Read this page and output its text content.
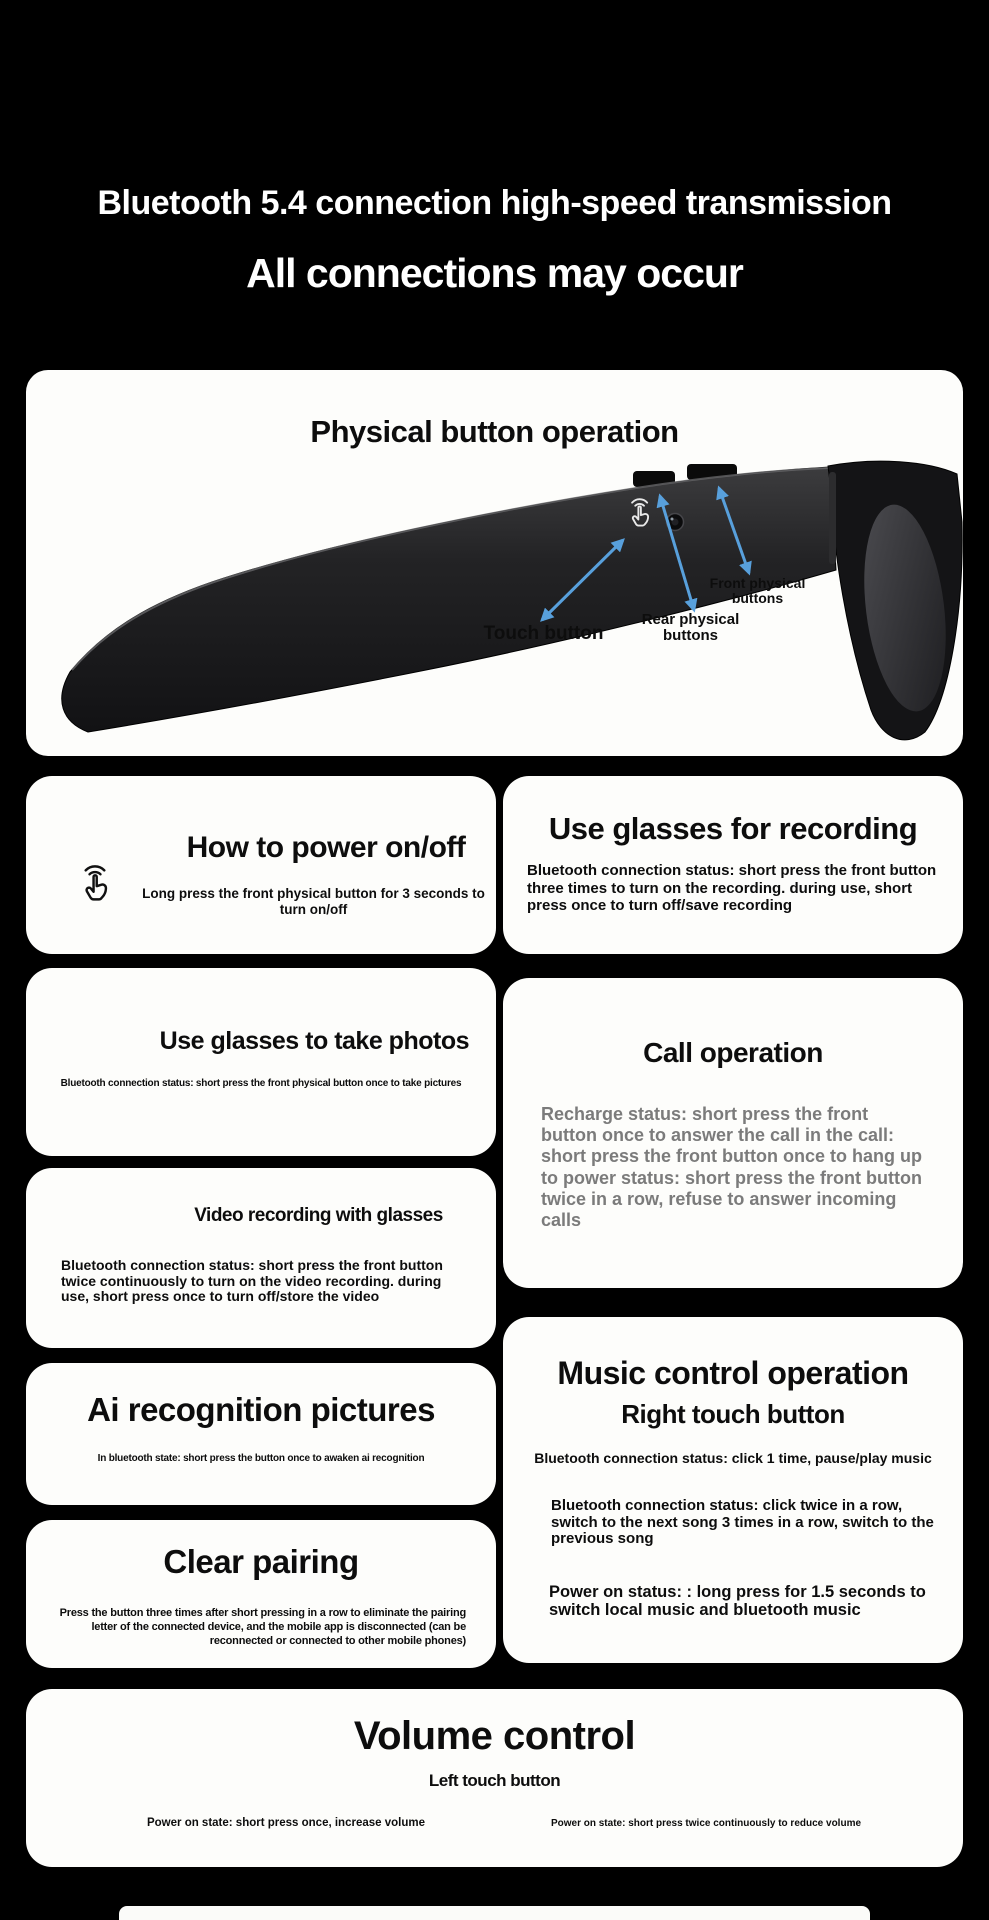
Bluetooth 5.4 connection high-speed transmission
All connections may occur
Physical button operation
Touch button
Rear physical buttons
Front physical buttons
How to power on/off
Long press the front physical button for 3 seconds to turn on/off
Use glasses for recording
Bluetooth connection status: short press the front button three times to turn on the recording. during use, short press once to turn off/save recording
Use glasses to take photos
Bluetooth connection status: short press the front physical button once to take pictures
Call operation
Recharge status: short press the front button once to answer the call in the call: short press the front button once to hang up to power status: short press the front button twice in a row, refuse to answer incoming calls
Video recording with glasses
Bluetooth connection status: short press the front button twice continuously to turn on the video recording. during use, short press once to turn off/store the video
Music control operation
Right touch button
Bluetooth connection status: click 1 time, pause/play music
Bluetooth connection status: click twice in a row, switch to the next song 3 times in a row, switch to the previous song
Power on status: : long press for 1.5 seconds to switch local music and bluetooth music
Ai recognition pictures
In bluetooth state: short press the button once to awaken ai recognition
Clear pairing
Press the button three times after short pressing in a row to eliminate the pairing letter of the connected device, and the mobile app is disconnected (can be reconnected or connected to other mobile phones)
Volume control
Left touch button
Power on state: short press once, increase volume	Power on state: short press twice continuously to reduce volume
